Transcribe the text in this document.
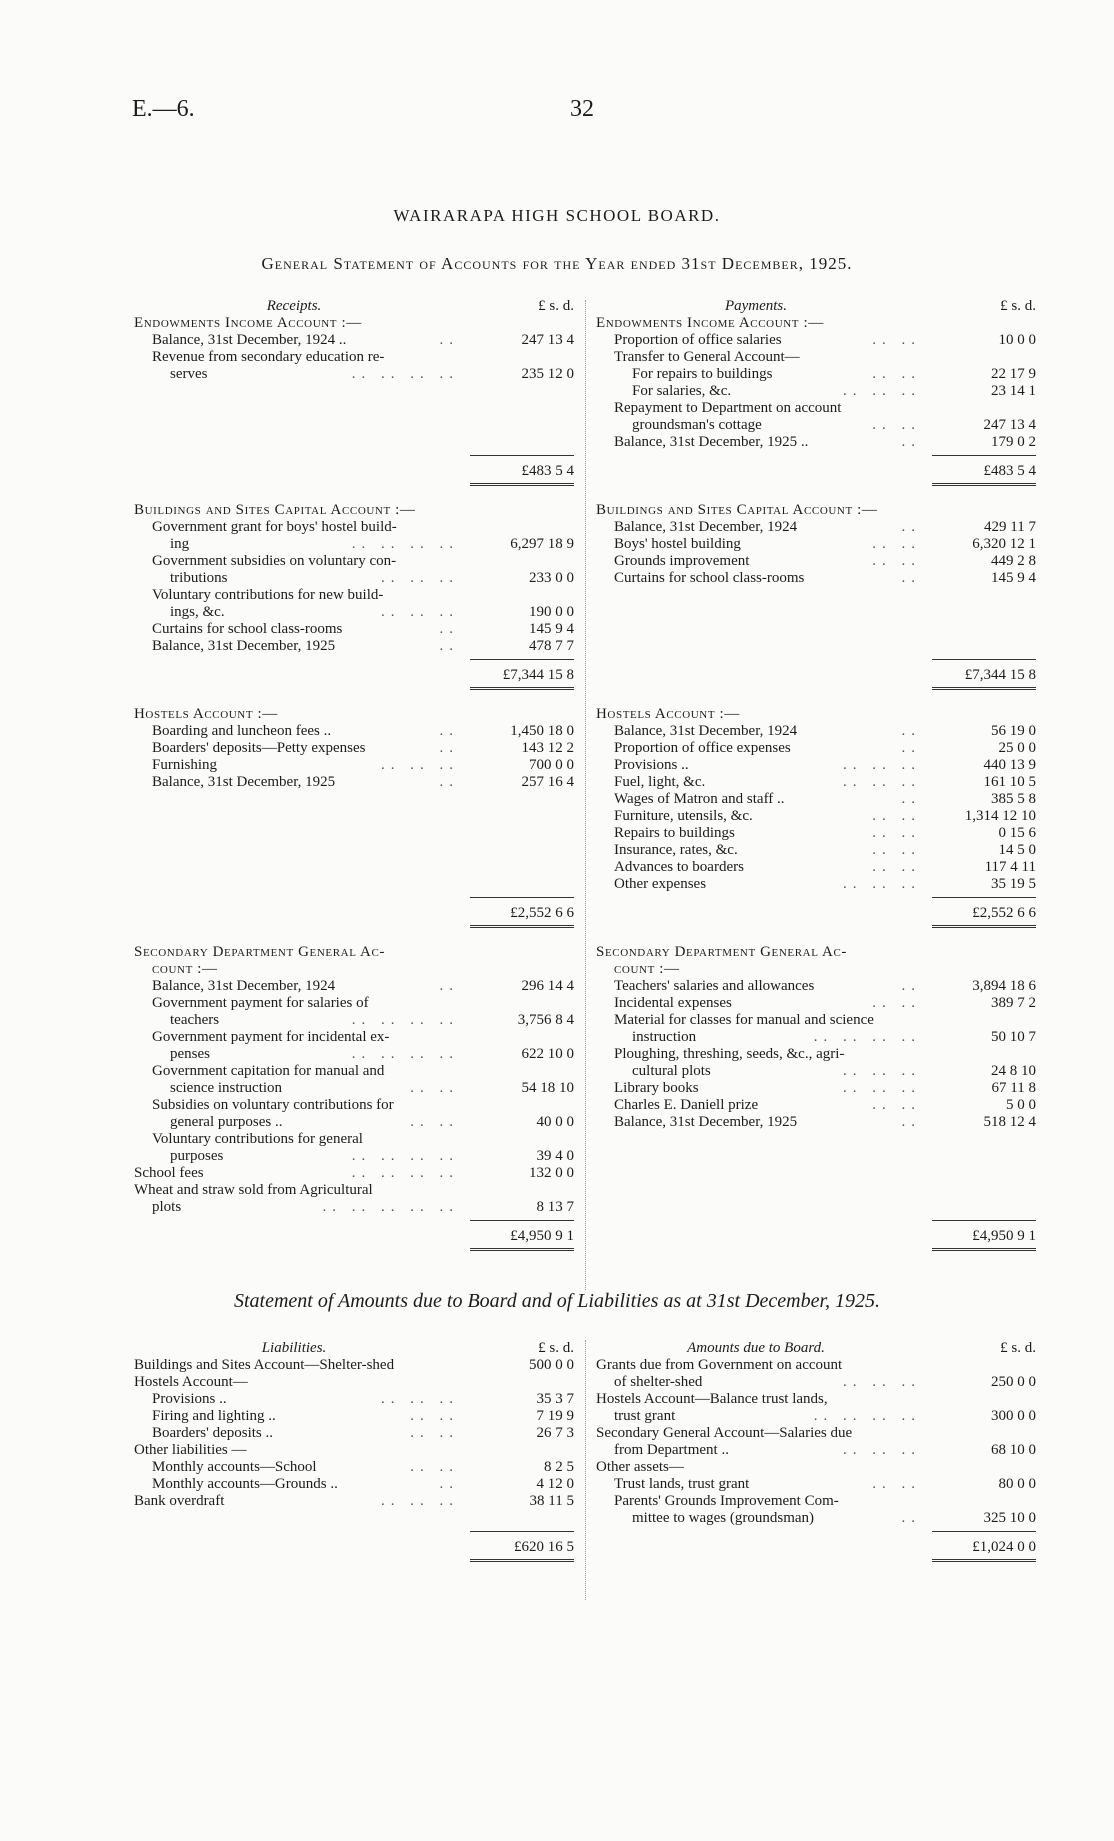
E.—6.	32
WAIRARAPA HIGH SCHOOL BOARD.
General Statement of Accounts for the Year ended 31st December, 1925.
Receipts.	£ s. d.
Endowments Income Account :—
Balance, 31st December, 1924 ..	..	247 13 4
Revenue from secondary education re-
serves	.. .. .. ..	235 12 0
£483 5 4
Buildings and Sites Capital Account :—
Government grant for boys' hostel build-
ing	.. .. .. ..	6,297 18 9
Government subsidies on voluntary con-
tributions	.. .. ..	233 0 0
Voluntary contributions for new build-
ings, &c.	.. .. ..	190 0 0
Curtains for school class-rooms	..	145 9 4
Balance, 31st December, 1925	..	478 7 7
£7,344 15 8
Hostels Account :—
Boarding and luncheon fees ..	..	1,450 18 0
Boarders' deposits—Petty expenses	..	143 12 2
Furnishing	.. .. ..	700 0 0
Balance, 31st December, 1925	..	257 16 4
£2,552 6 6
Secondary Department General Ac-
count :—
Balance, 31st December, 1924	..	296 14 4
Government payment for salaries of
teachers	.. .. .. ..	3,756 8 4
Government payment for incidental ex-
penses	.. .. .. ..	622 10 0
Government capitation for manual and
science instruction	.. ..	54 18 10
Subsidies on voluntary contributions for
general purposes ..	.. ..	40 0 0
Voluntary contributions for general
purposes	.. .. .. ..	39 4 0
School fees	.. .. .. ..	132 0 0
Wheat and straw sold from Agricultural
plots	.. .. .. .. ..	8 13 7
£4,950 9 1
Payments.	£ s. d.
Endowments Income Account :—
Proportion of office salaries	.. ..	10 0 0
Transfer to General Account—
For repairs to buildings	.. ..	22 17 9
For salaries, &c.	.. .. ..	23 14 1
Repayment to Department on account
groundsman's cottage	.. ..	247 13 4
Balance, 31st December, 1925 ..	..	179 0 2
£483 5 4
Buildings and Sites Capital Account :—
Balance, 31st December, 1924	..	429 11 7
Boys' hostel building	.. ..	6,320 12 1
Grounds improvement	.. ..	449 2 8
Curtains for school class-rooms	..	145 9 4
£7,344 15 8
Hostels Account :—
Balance, 31st December, 1924	..	56 19 0
Proportion of office expenses	..	25 0 0
Provisions ..	.. .. ..	440 13 9
Fuel, light, &c.	.. .. ..	161 10 5
Wages of Matron and staff ..	..	385 5 8
Furniture, utensils, &c.	.. ..	1,314 12 10
Repairs to buildings	.. ..	0 15 6
Insurance, rates, &c.	.. ..	14 5 0
Advances to boarders	.. ..	117 4 11
Other expenses	.. .. ..	35 19 5
£2,552 6 6
Secondary Department General Ac-
count :—
Teachers' salaries and allowances	..	3,894 18 6
Incidental expenses	.. ..	389 7 2
Material for classes for manual and science
instruction	.. .. .. ..	50 10 7
Ploughing, threshing, seeds, &c., agri-
cultural plots	.. .. ..	24 8 10
Library books	.. .. ..	67 11 8
Charles E. Daniell prize	.. ..	5 0 0
Balance, 31st December, 1925	..	518 12 4
£4,950 9 1
Statement of Amounts due to Board and of Liabilities as at 31st December, 1925.
Liabilities.	£ s. d.
Buildings and Sites Account—Shelter-shed	500 0 0
Hostels Account—
Provisions ..	.. .. ..	35 3 7
Firing and lighting ..	.. ..	7 19 9
Boarders' deposits ..	.. ..	26 7 3
Other liabilities —
Monthly accounts—School	.. ..	8 2 5
Monthly accounts—Grounds ..	..	4 12 0
Bank overdraft	.. .. ..	38 11 5
£620 16 5
Amounts due to Board.	£ s. d.
Grants due from Government on account
of shelter-shed	.. .. ..	250 0 0
Hostels Account—Balance trust lands,
trust grant	.. .. .. ..	300 0 0
Secondary General Account—Salaries due
from Department ..	.. .. ..	68 10 0
Other assets—
Trust lands, trust grant	.. ..	80 0 0
Parents' Grounds Improvement Com-
mittee to wages (groundsman)	..	325 10 0
£1,024 0 0
